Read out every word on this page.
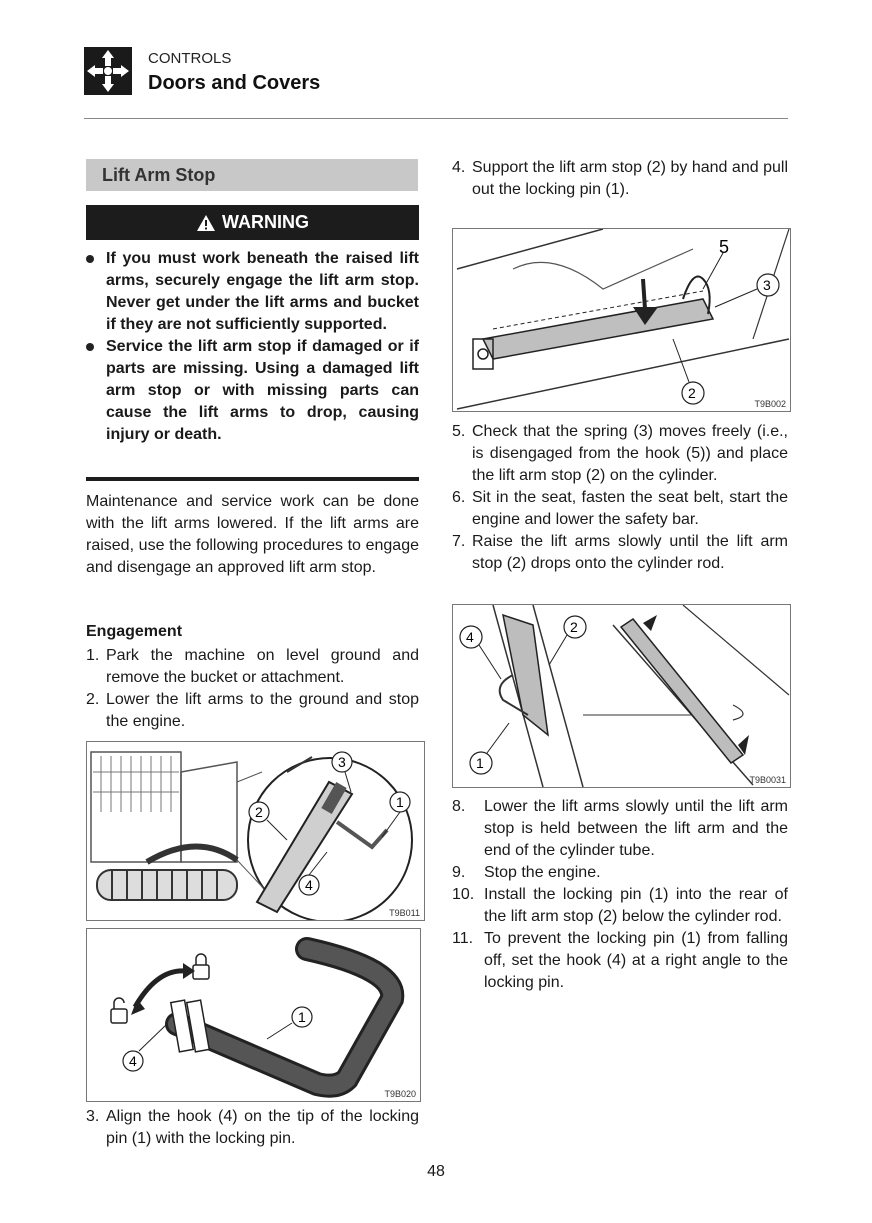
CONTROLS
Doors and Covers
Lift Arm Stop
WARNING
If you must work beneath the raised lift arms, securely engage the lift arm stop. Never get under the lift arms and bucket if they are not sufficiently supported.
Service the lift arm stop if damaged or if parts are missing. Using a damaged lift arm stop or with missing parts can cause the lift arms to drop, causing injury or death.

Maintenance and service work can be done with the lift arms lowered. If the lift arms are raised, use the following procedures to engage and disengage an approved lift arm stop.

Engagement
1. Park the machine on level ground and remove the bucket or attachment.
2. Lower the lift arms to the ground and stop the engine.
3
2
1
4
T9B011
1
4
T9B020
3. Align the hook (4) on the tip of the locking pin (1) with the locking pin.
4. Support the lift arm stop (2) by hand and pull out the locking pin (1).
5
3
2
T9B002
5. Check that the spring (3) moves freely (i.e., is disengaged from the hook (5)) and place the lift arm stop (2) on the cylinder.
6. Sit in the seat, fasten the seat belt, start the engine and lower the safety bar.
7. Raise the lift arms slowly until the lift arm stop (2) drops onto the cylinder rod.
4
2
1
T9B0031
8. Lower the lift arms slowly until the lift arm stop is held between the lift arm and the end of the cylinder tube.
9. Stop the engine.
10. Install the locking pin (1) into the rear of the lift arm stop (2) below the cylinder rod.
11. To prevent the locking pin (1) from falling off, set the hook (4) at a right angle to the locking pin.
48
